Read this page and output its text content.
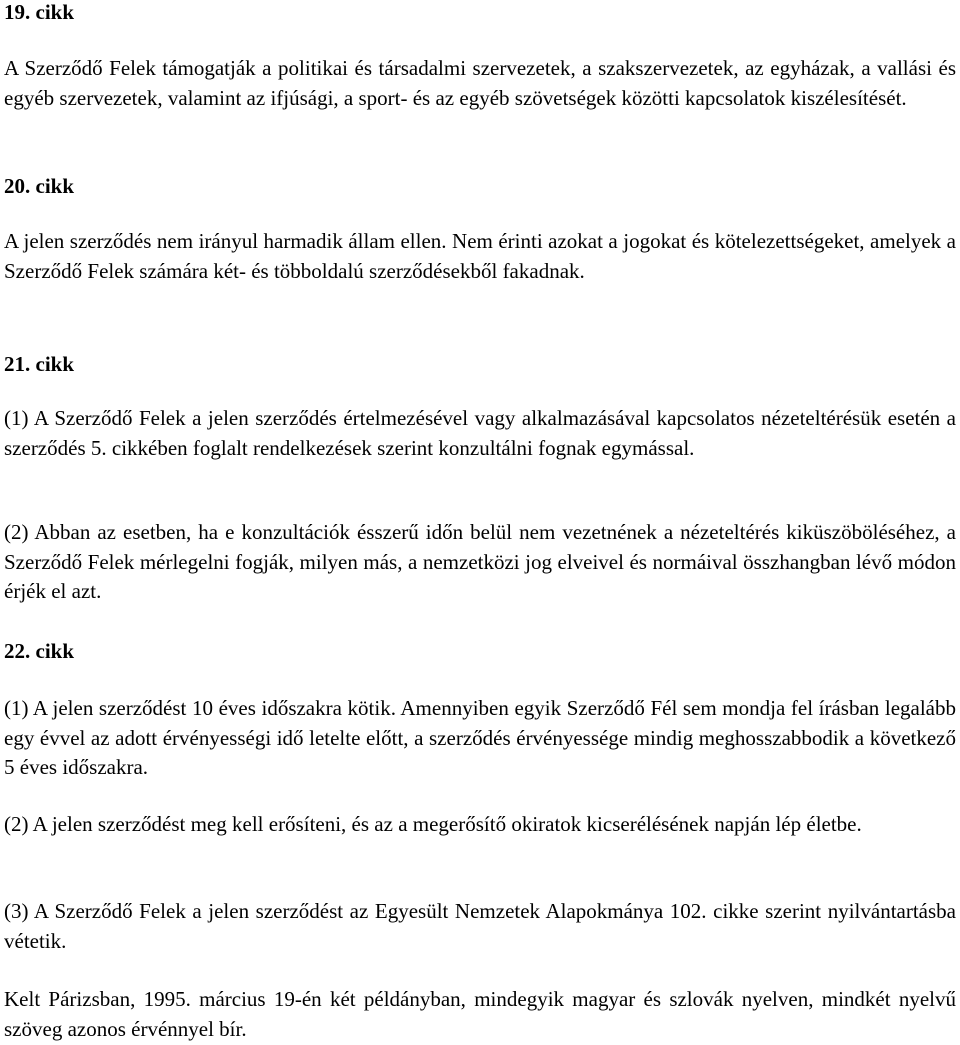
19. cikk

A Szerződő Felek támogatják a politikai és társadalmi szervezetek, a szakszervezetek, az egyházak, a vallási és egyéb szervezetek, valamint az ifjúsági, a sport- és az egyéb szövetségek közötti kapcsolatok kiszélesítését.

20. cikk

A jelen szerződés nem irányul harmadik állam ellen. Nem érinti azokat a jogokat és kötelezettségeket, amelyek a Szerződő Felek számára két- és többoldalú szerződésekből fakadnak.

21. cikk

(1) A Szerződő Felek a jelen szerződés értelmezésével vagy alkalmazásával kapcsolatos nézeteltérésük esetén a szerződés 5. cikkében foglalt rendelkezések szerint konzultálni fognak egymással.

(2) Abban az esetben, ha e konzultációk ésszerű időn belül nem vezetnének a nézeteltérés kiküszöböléséhez, a Szerződő Felek mérlegelni fogják, milyen más, a nemzetközi jog elveivel és normáival összhangban lévő módon érjék el azt.

22. cikk

(1) A jelen szerződést 10 éves időszakra kötik. Amennyiben egyik Szerződő Fél sem mondja fel írásban legalább egy évvel az adott érvényességi idő letelte előtt, a szerződés érvényessége mindig meghosszabbodik a következő 5 éves időszakra.

(2) A jelen szerződést meg kell erősíteni, és az a megerősítő okiratok kicserélésének napján lép életbe.

(3) A Szerződő Felek a jelen szerződést az Egyesült Nemzetek Alapokmánya 102. cikke szerint nyilvántartásba vétetik.

Kelt Párizsban, 1995. március 19-én két példányban, mindegyik magyar és szlovák nyelven, mindkét nyelvű szöveg azonos érvénnyel bír.
